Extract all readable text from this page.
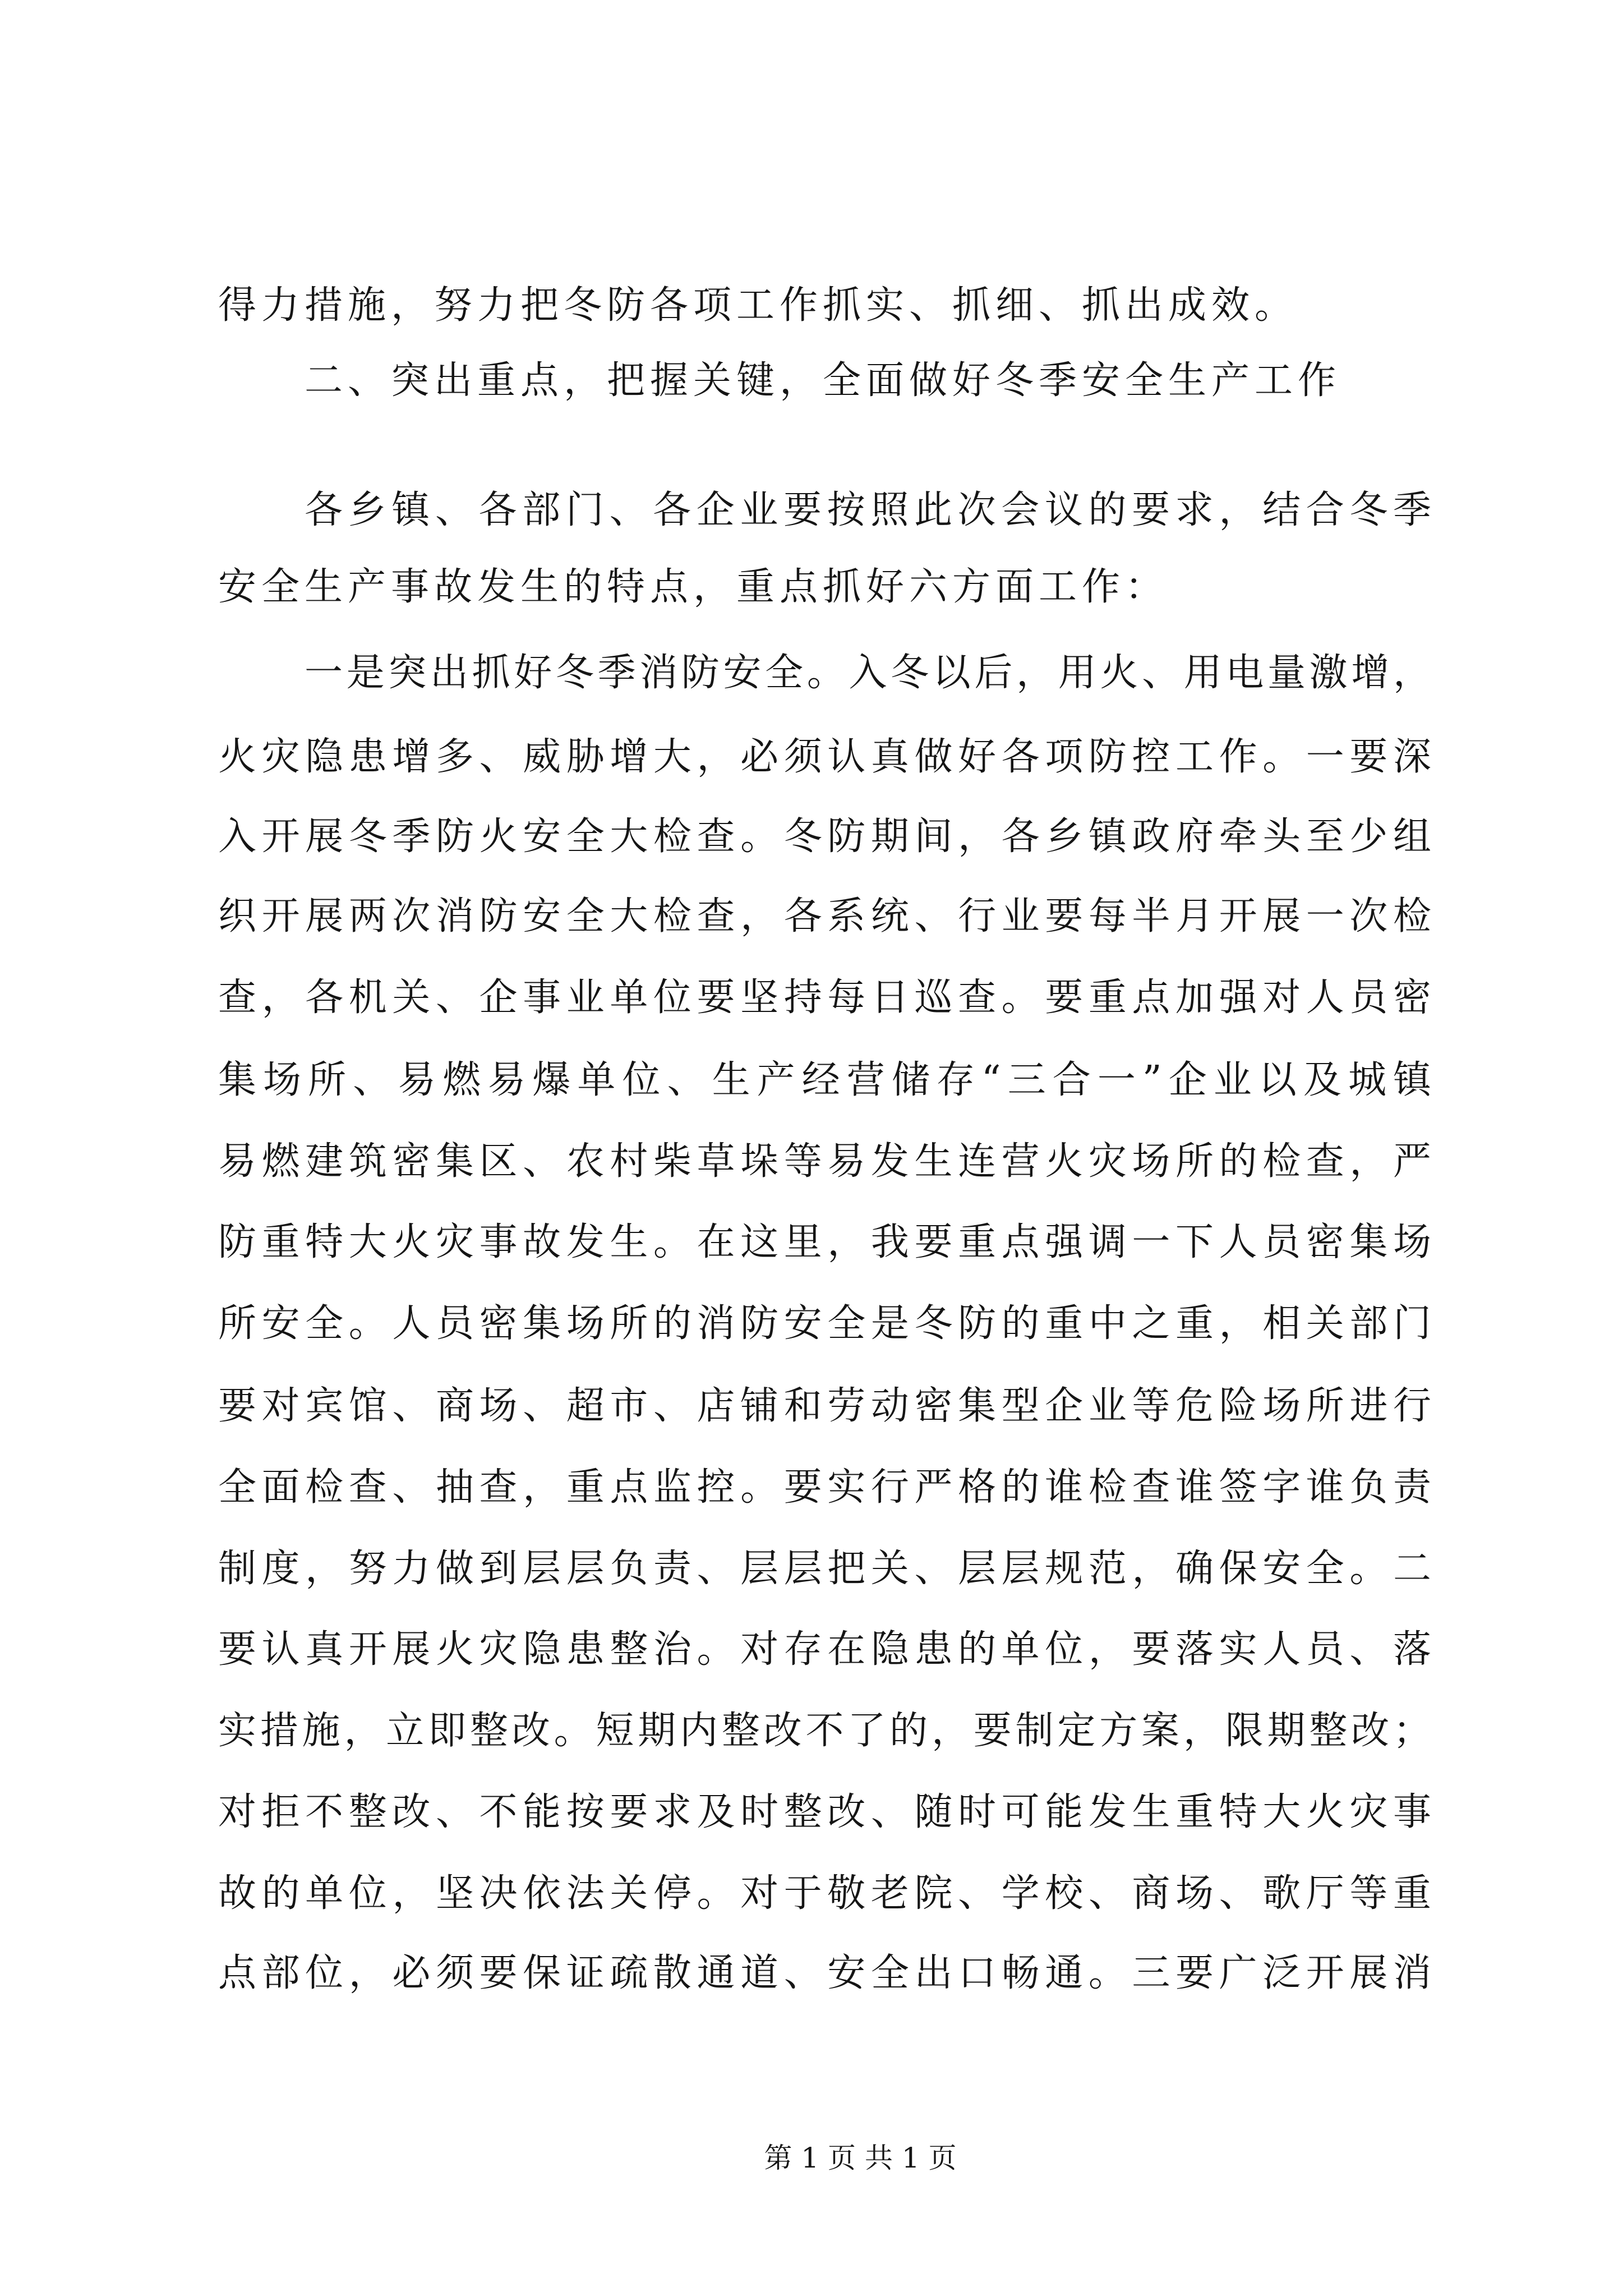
得力措施，努力把冬防各项工作抓实、抓细、抓出成效。
二、突出重点，把握关键，全面做好冬季安全生产工作
各乡镇、各部门、各企业要按照此次会议的要求，结合冬季
安全生产事故发生的特点，重点抓好六方面工作：
一是突出抓好冬季消防安全。入冬以后，用火、用电量激增，
火灾隐患增多、威胁增大，必须认真做好各项防控工作。一要深
入开展冬季防火安全大检查。冬防期间，各乡镇政府牵头至少组
织开展两次消防安全大检查，各系统、行业要每半月开展一次检
查，各机关、企事业单位要坚持每日巡查。要重点加强对人员密
集场所、易燃易爆单位、生产经营储存“三合一”企业以及城镇
易燃建筑密集区、农村柴草垛等易发生连营火灾场所的检查，严
防重特大火灾事故发生。在这里，我要重点强调一下人员密集场
所安全。人员密集场所的消防安全是冬防的重中之重，相关部门
要对宾馆、商场、超市、店铺和劳动密集型企业等危险场所进行
全面检查、抽查，重点监控。要实行严格的谁检查谁签字谁负责
制度，努力做到层层负责、层层把关、层层规范，确保安全。二
要认真开展火灾隐患整治。对存在隐患的单位，要落实人员、落
实措施，立即整改。短期内整改不了的，要制定方案，限期整改；
对拒不整改、不能按要求及时整改、随时可能发生重特大火灾事
故的单位，坚决依法关停。对于敬老院、学校、商场、歌厅等重
点部位，必须要保证疏散通道、安全出口畅通。三要广泛开展消
第 1 页 共 1 页
